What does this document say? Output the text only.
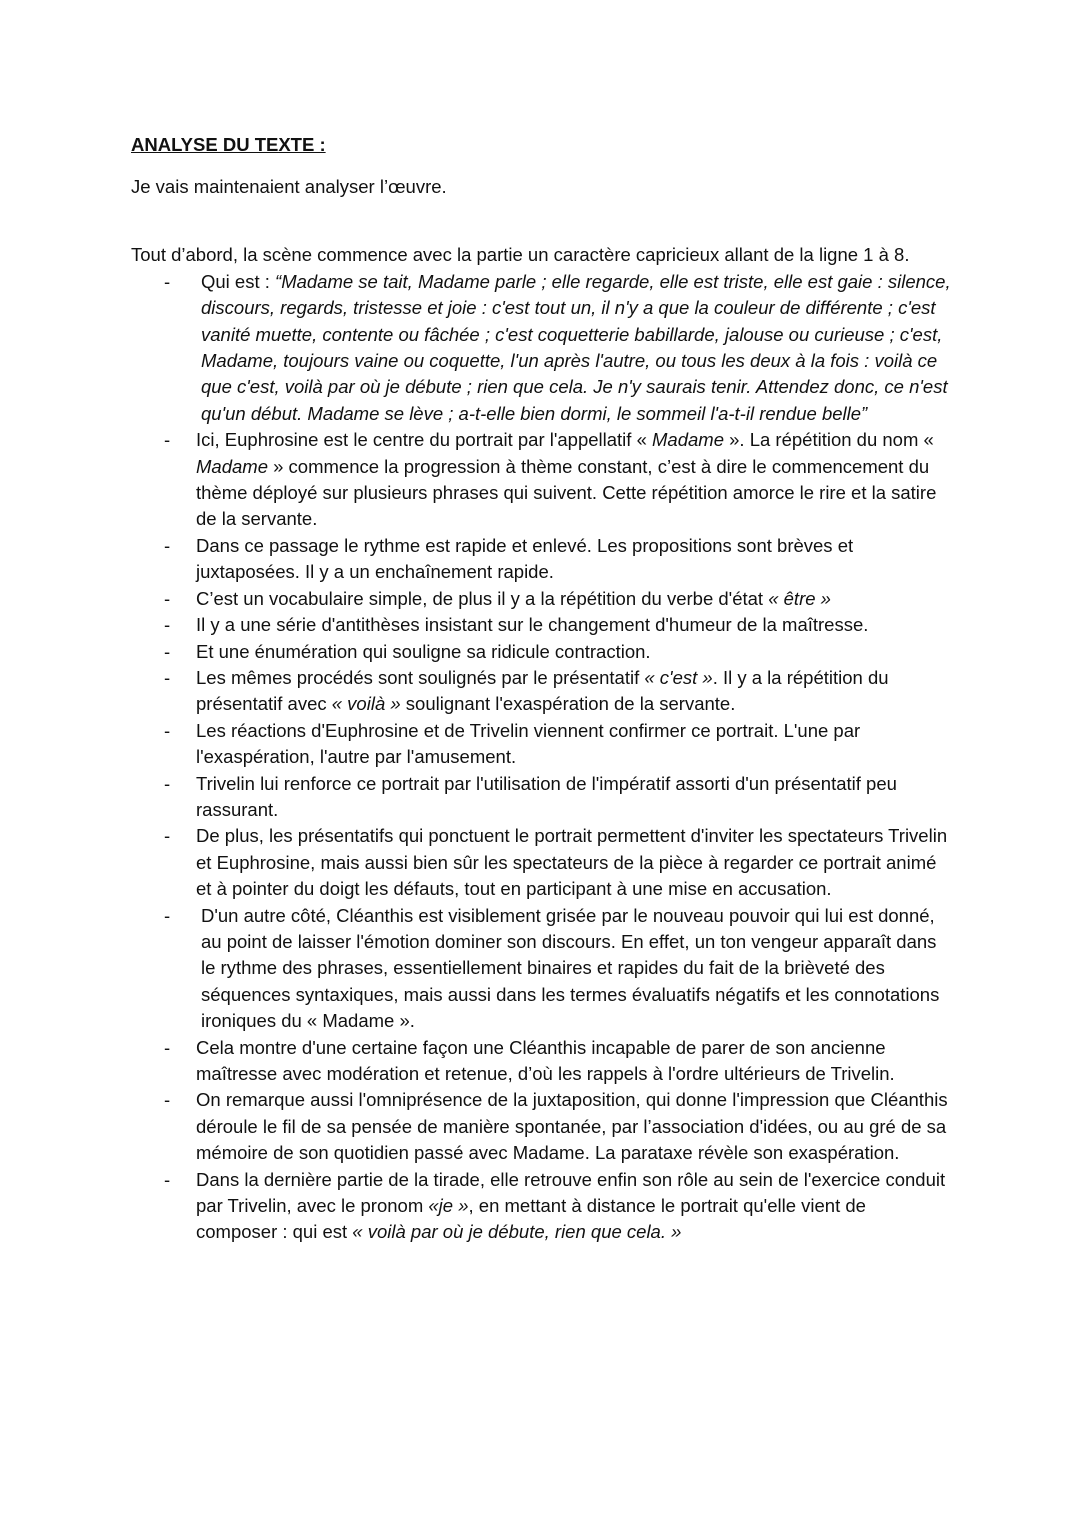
ANALYSE DU TEXTE :

Je vais maintenaient analyser l’œuvre.

Tout d’abord, la scène commence avec la partie un caractère capricieux allant de la ligne 1 à 8.

- Qui est : “Madame se tait, Madame parle ; elle regarde, elle est triste, elle est gaie : silence, discours, regards, tristesse et joie : c'est tout un, il n'y a que la couleur de différente ; c'est vanité muette, contente ou fâchée ; c'est coquetterie babillarde, jalouse ou curieuse ; c'est, Madame, toujours vaine ou coquette, l'un après l'autre, ou tous les deux à la fois : voilà ce que c'est, voilà par où je débute ; rien que cela. Je n'y saurais tenir. Attendez donc, ce n'est qu'un début. Madame se lève ; a-t-elle bien dormi, le sommeil l'a-t-il rendue belle”
- Ici, Euphrosine est le centre du portrait par l'appellatif « Madame ». La répétition du nom « Madame » commence la progression à thème constant, c’est à dire le commencement du thème déployé sur plusieurs phrases qui suivent. Cette répétition amorce le rire et la satire de la servante.
- Dans ce passage le rythme est rapide et enlevé. Les propositions sont brèves et juxtaposées. Il y a un enchaînement rapide.
- C’est un vocabulaire simple, de plus il y a la répétition du verbe d'état « être »
- Il y a une série d'antithèses insistant sur le changement d'humeur de la maîtresse.
- Et une énumération qui souligne sa ridicule contraction.
- Les mêmes procédés sont soulignés par le présentatif « c'est ». Il y a la répétition du présentatif avec « voilà » soulignant l'exaspération de la servante.
- Les réactions d'Euphrosine et de Trivelin viennent confirmer ce portrait. L'une par l'exaspération, l'autre par l'amusement.
- Trivelin lui renforce ce portrait par l'utilisation de l'impératif assorti d'un présentatif peu rassurant.
- De plus, les présentatifs qui ponctuent le portrait permettent d'inviter les spectateurs Trivelin et Euphrosine, mais aussi bien sûr les spectateurs de la pièce à regarder ce portrait animé et à pointer du doigt les défauts, tout en participant à une mise en accusation.
- D'un autre côté, Cléanthis est visiblement grisée par le nouveau pouvoir qui lui est donné, au point de laisser l'émotion dominer son discours. En effet, un ton vengeur apparaît dans le rythme des phrases, essentiellement binaires et rapides du fait de la brièveté des séquences syntaxiques, mais aussi dans les termes évaluatifs négatifs et les connotations ironiques du « Madame ».
- Cela montre d'une certaine façon une Cléanthis incapable de parer de son ancienne maîtresse avec modération et retenue, d’où les rappels à l'ordre ultérieurs de Trivelin.
- On remarque aussi l'omniprésence de la juxtaposition, qui donne l'impression que Cléanthis déroule le fil de sa pensée de manière spontanée, par l’association d'idées, ou au gré de sa mémoire de son quotidien passé avec Madame. La parataxe révèle son exaspération.
- Dans la dernière partie de la tirade, elle retrouve enfin son rôle au sein de l'exercice conduit par Trivelin, avec le pronom «je », en mettant à distance le portrait qu'elle vient de composer : qui est « voilà par où je débute, rien que cela. »
